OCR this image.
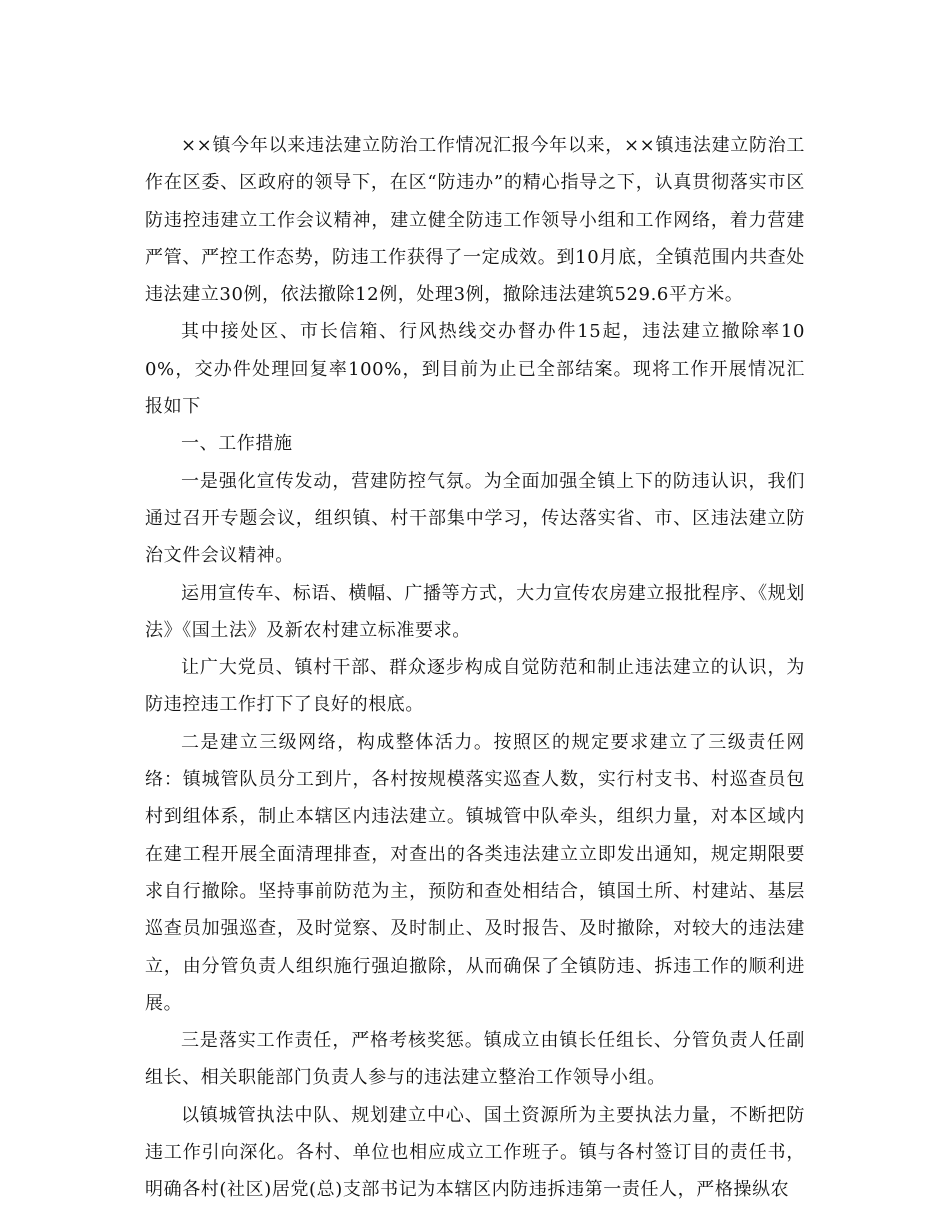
××镇今年以来违法建立防治工作情况汇报今年以来，××镇违法建立防治工作在区委、区政府的领导下，在区“防违办”的精心指导之下，认真贯彻落实市区防违控违建立工作会议精神，建立健全防违工作领导小组和工作网络，着力营建严管、严控工作态势，防违工作获得了一定成效。到10月底，全镇范围内共查处违法建立30例，依法撤除12例，处理3例，撤除违法建筑529.6平方米。

其中接处区、市长信箱、行风热线交办督办件15起，违法建立撤除率100%，交办件处理回复率100%，到目前为止已全部结案。现将工作开展情况汇报如下

一、工作措施

一是强化宣传发动，营建防控气氛。为全面加强全镇上下的防违认识，我们通过召开专题会议，组织镇、村干部集中学习，传达落实省、市、区违法建立防治文件会议精神。

运用宣传车、标语、横幅、广播等方式，大力宣传农房建立报批程序、《规划法》《国土法》及新农村建立标准要求。

让广大党员、镇村干部、群众逐步构成自觉防范和制止违法建立的认识，为防违控违工作打下了良好的根底。

二是建立三级网络，构成整体活力。按照区的规定要求建立了三级责任网络：镇城管队员分工到片，各村按规模落实巡查人数，实行村支书、村巡查员包村到组体系，制止本辖区内违法建立。镇城管中队牵头，组织力量，对本区域内在建工程开展全面清理排查，对查出的各类违法建立立即发出通知，规定期限要求自行撤除。坚持事前防范为主，预防和查处相结合，镇国土所、村建站、基层巡查员加强巡查，及时觉察、及时制止、及时报告、及时撤除，对较大的违法建立，由分管负责人组织施行强迫撤除，从而确保了全镇防违、拆违工作的顺利进展。

三是落实工作责任，严格考核奖惩。镇成立由镇长任组长、分管负责人任副组长、相关职能部门负责人参与的违法建立整治工作领导小组。

以镇城管执法中队、规划建立中心、国土资源所为主要执法力量，不断把防违工作引向深化。各村、单位也相应成立工作班子。镇与各村签订目的责任书，明确各村(社区)居党(总)支部书记为本辖区内防违拆违第一责任人，严格操纵农
